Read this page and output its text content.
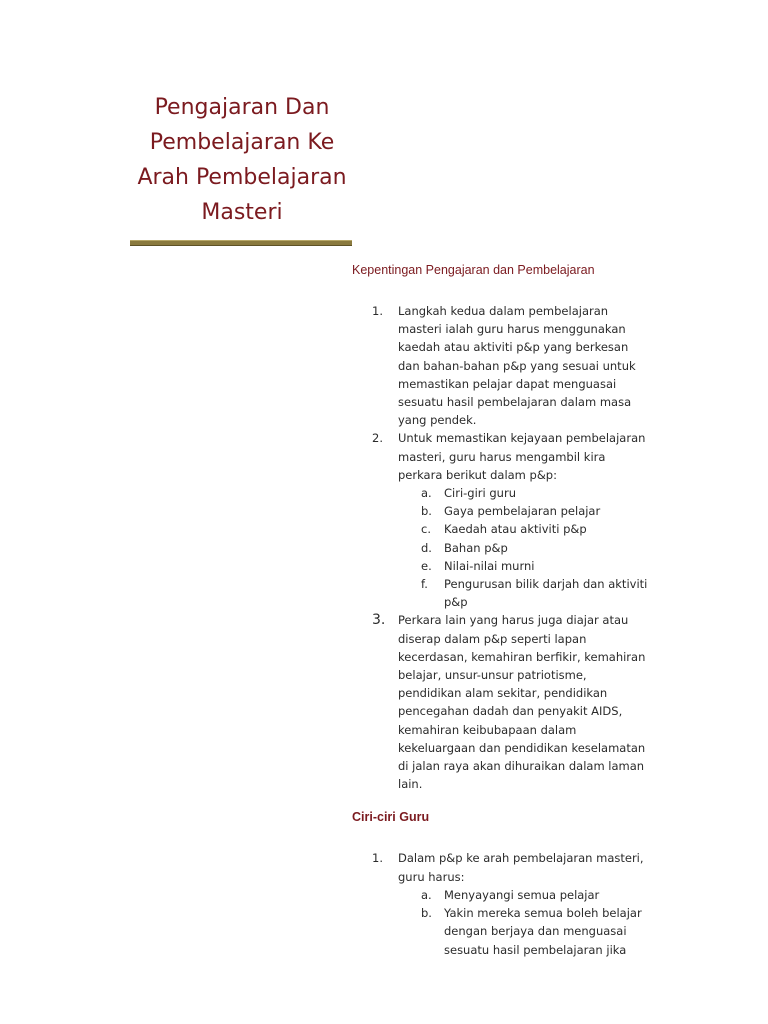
Pengajaran Dan Pembelajaran Ke Arah Pembelajaran Masteri
Kepentingan Pengajaran dan Pembelajaran
1. Langkah kedua dalam pembelajaran masteri ialah guru harus menggunakan kaedah atau aktiviti p&p yang berkesan dan bahan-bahan p&p yang sesuai untuk memastikan pelajar dapat menguasai sesuatu hasil pembelajaran dalam masa yang pendek.
2. Untuk memastikan kejayaan pembelajaran masteri, guru harus mengambil kira perkara berikut dalam p&p:
a. Ciri-giri guru
b. Gaya pembelajaran pelajar
c. Kaedah atau aktiviti p&p
d. Bahan p&p
e. Nilai-nilai murni
f. Pengurusan bilik darjah dan aktiviti p&p
3. Perkara lain yang harus juga diajar atau diserap dalam p&p seperti lapan kecerdasan, kemahiran berfikir, kemahiran belajar, unsur-unsur patriotisme, pendidikan alam sekitar, pendidikan pencegahan dadah dan penyakit AIDS, kemahiran keibubapaan dalam kekeluargaan dan pendidikan keselamatan di jalan raya akan dihuraikan dalam laman lain.
Ciri-ciri Guru
1. Dalam p&p ke arah pembelajaran masteri, guru harus:
a. Menyayangi semua pelajar
b. Yakin mereka semua boleh belajar dengan berjaya dan menguasai sesuatu hasil pembelajaran jika
